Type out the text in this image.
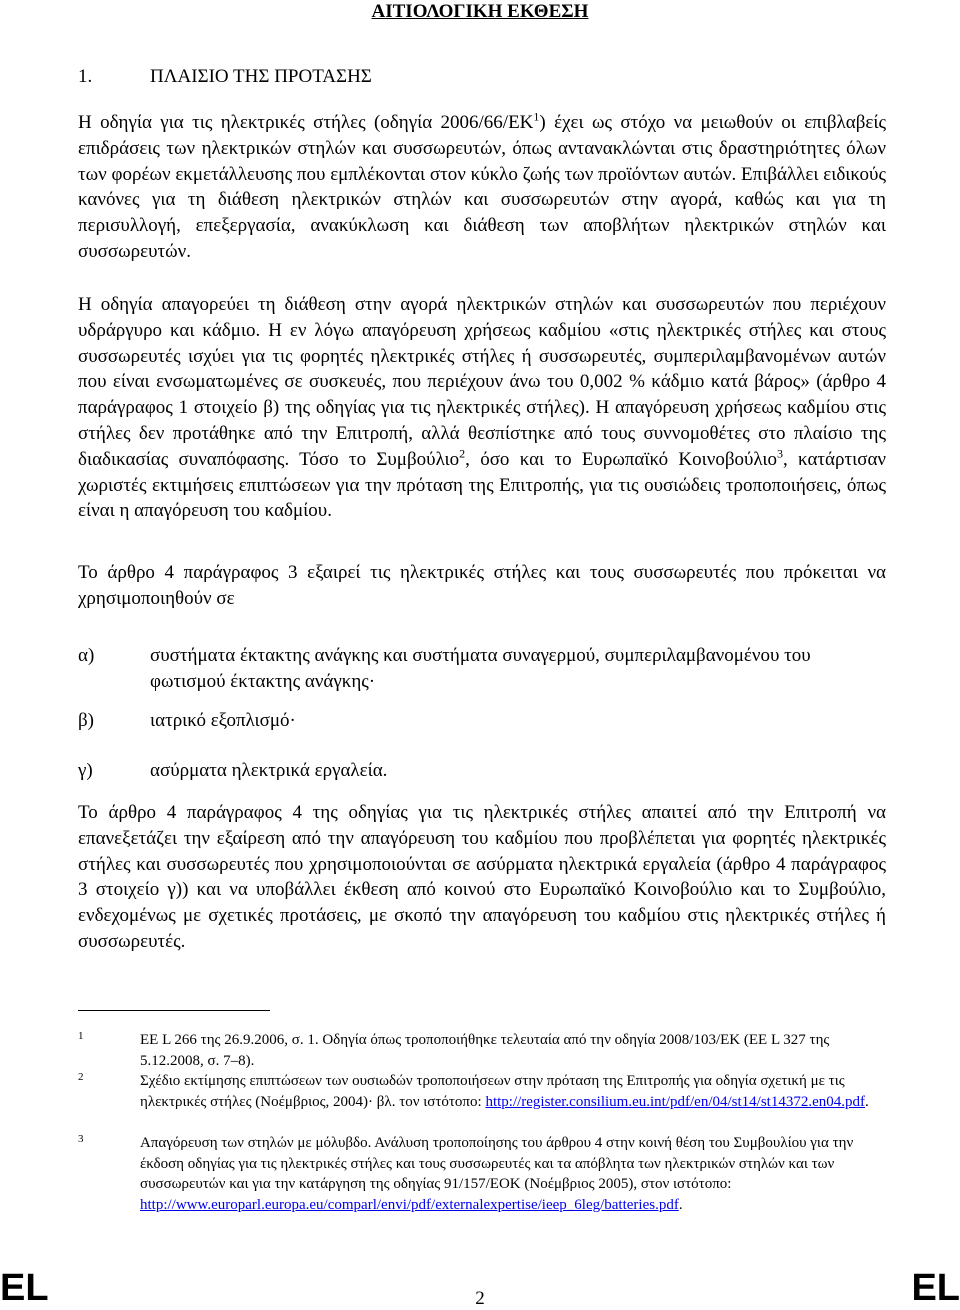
ΑΙΤΙΟΛΟΓΙΚΗ ΕΚΘΕΣΗ
1.	ΠΛΑΙΣΙΟ ΤΗΣ ΠΡΟΤΑΣΗΣ

Η οδηγία για τις ηλεκτρικές στήλες (οδηγία $2006/66/EK^1$) έχει ως στόχο να μειωθούν οι επιβλαβείς επιδράσεις των ηλεκτρικών στηλών και συσσωρευτών, όπως αντανακλώνται στις δραστηριότητες όλων των φορέων εκμετάλλευσης που εμπλέκονται στον κύκλο ζωής των προϊόντων αυτών. Επιβάλλει ειδικούς κανόνες για τη διάθεση ηλεκτρικών στηλών και συσσωρευτών στην αγορά, καθώς και για τη περισυλλογή, επεξεργασία, ανακύκλωση και διάθεση των αποβλήτων ηλεκτρικών στηλών και συσσωρευτών.

Η οδηγία απαγορεύει τη διάθεση στην αγορά ηλεκτρικών στηλών και συσσωρευτών που περιέχουν υδράργυρο και κάδμιο. Η εν λόγω απαγόρευση χρήσεως καδμίου «στις ηλεκτρικές στήλες και στους συσσωρευτές ισχύει για τις φορητές ηλεκτρικές στήλες ή συσσωρευτές, συμπεριλαμβανομένων αυτών που είναι ενσωματωμένες σε συσκευές, που περιέχουν άνω του 0,002 % κάδμιο κατά βάρος» (άρθρο 4 παράγραφος 1 στοιχείο β) της οδηγίας για τις ηλεκτρικές στήλες). Η απαγόρευση χρήσεως καδμίου στις στήλες δεν προτάθηκε από την Επιτροπή, αλλά θεσπίστηκε από τους συννομοθέτες στο πλαίσιο της διαδικασίας συναπόφασης. Τόσο το Συμβούλιο$^2$, όσο και το Ευρωπαϊκό Κοινοβούλιο$^3$, κατάρτισαν χωριστές εκτιμήσεις επιπτώσεων για την πρόταση της Επιτροπής, για τις ουσιώδεις τροποποιήσεις, όπως είναι η απαγόρευση του καδμίου.

Το άρθρο 4 παράγραφος 3 εξαιρεί τις ηλεκτρικές στήλες και τους συσσωρευτές που πρόκειται να χρησιμοποιηθούν σε

α)	συστήματα έκτακτης ανάγκης και συστήματα συναγερμού, συμπεριλαμβανομένου του φωτισμού έκτακτης ανάγκης·
β)	ιατρικό εξοπλισμό·
γ)	ασύρματα ηλεκτρικά εργαλεία.

Το άρθρο 4 παράγραφος 4 της οδηγίας για τις ηλεκτρικές στήλες απαιτεί από την Επιτροπή να επανεξετάζει την εξαίρεση από την απαγόρευση του καδμίου που προβλέπεται για φορητές ηλεκτρικές στήλες και συσσωρευτές που χρησιμοποιούνται σε ασύρματα ηλεκτρικά εργαλεία (άρθρο 4 παράγραφος 3 στοιχείο γ)) και να υποβάλλει έκθεση από κοινού στο Ευρωπαϊκό Κοινοβούλιο και το Συμβούλιο, ενδεχομένως με σχετικές προτάσεις, με σκοπό την απαγόρευση του καδμίου στις ηλεκτρικές στήλες ή συσσωρευτές.

1	ΕΕ L 266 της 26.9.2006, σ. 1. Οδηγία όπως τροποποιήθηκε τελευταία από την οδηγία 2008/103/ΕΚ (ΕΕ L 327 της 5.12.2008, σ. 7–8).
2	Σχέδιο εκτίμησης επιπτώσεων των ουσιωδών τροποποιήσεων στην πρόταση της Επιτροπής για οδηγία σχετική με τις ηλεκτρικές στήλες (Νοέμβριος, 2004)· βλ. τον ιστότοπο: http://register.consilium.eu.int/pdf/en/04/st14/st14372.en04.pdf.
3	Απαγόρευση των στηλών με μόλυβδο. Ανάλυση τροποποίησης του άρθρου 4 στην κοινή θέση του Συμβουλίου για την έκδοση οδηγίας για τις ηλεκτρικές στήλες και τους συσσωρευτές και τα απόβλητα των ηλεκτρικών στηλών και των συσσωρευτών και για την κατάργηση της οδηγίας 91/157/ΕΟΚ (Νοέμβριος 2005), στον ιστότοπο: http://www.europarl.europa.eu/comparl/envi/pdf/externalexpertise/ieep_6leg/batteries.pdf.
EL	2	EL
